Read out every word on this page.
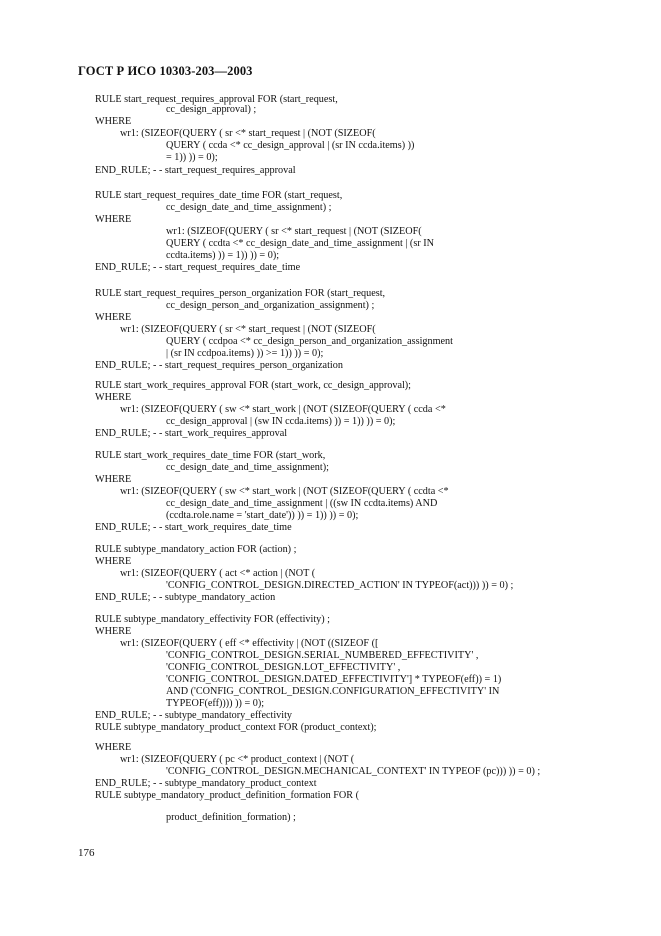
ГОСТ Р ИСО 10303-203—2003
RULE start_request_requires_approval FOR (start_request,
cc_design_approval) ;
WHERE
wr1: (SIZEOF(QUERY ( sr <* start_request | (NOT (SIZEOF(
QUERY ( ccda <* cc_design_approval | (sr IN ccda.items) ))
= 1)) )) = 0);
END_RULE; - - start_request_requires_approval
RULE start_request_requires_date_time FOR (start_request,
cc_design_date_and_time_assignment) ;
WHERE
wr1: (SIZEOF(QUERY ( sr <* start_request | (NOT (SIZEOF(
QUERY ( ccdta <* cc_design_date_and_time_assignment | (sr IN
ccdta.items) )) = 1)) )) = 0);
END_RULE; - - start_request_requires_date_time
RULE start_request_requires_person_organization FOR (start_request,
cc_design_person_and_organization_assignment) ;
WHERE
wr1: (SIZEOF(QUERY ( sr <* start_request | (NOT (SIZEOF(
QUERY ( ccdpoa <* cc_design_person_and_organization_assignment
| (sr IN ccdpoa.items) )) >= 1)) )) = 0);
END_RULE; - - start_request_requires_person_organization
RULE start_work_requires_approval FOR (start_work, cc_design_approval);
WHERE
wr1: (SIZEOF(QUERY ( sw <* start_work | (NOT (SIZEOF(QUERY ( ccda <*
cc_design_approval | (sw IN ccda.items) )) = 1)) )) = 0);
END_RULE; - - start_work_requires_approval
RULE start_work_requires_date_time FOR (start_work,
cc_design_date_and_time_assignment);
WHERE
wr1: (SIZEOF(QUERY ( sw <* start_work | (NOT (SIZEOF(QUERY ( ccdta <*
cc_design_date_and_time_assignment | ((sw IN ccdta.items) AND
(ccdta.role.name = 'start_date')) )) = 1)) )) = 0);
END_RULE; - - start_work_requires_date_time
RULE subtype_mandatory_action FOR (action) ;
WHERE
wr1: (SIZEOF(QUERY ( act <* action | (NOT (
'CONFIG_CONTROL_DESIGN.DIRECTED_ACTION' IN TYPEOF(act))) )) = 0) ;
END_RULE; - - subtype_mandatory_action
RULE subtype_mandatory_effectivity FOR (effectivity) ;
WHERE
wr1: (SIZEOF(QUERY ( eff <* effectivity | (NOT ((SIZEOF ([
'CONFIG_CONTROL_DESIGN.SERIAL_NUMBERED_EFFECTIVITY' ,
'CONFIG_CONTROL_DESIGN.LOT_EFFECTIVITY' ,
'CONFIG_CONTROL_DESIGN.DATED_EFFECTIVITY'] * TYPEOF(eff)) = 1)
AND ('CONFIG_CONTROL_DESIGN.CONFIGURATION_EFFECTIVITY' IN
TYPEOF(eff)))) )) = 0);
END_RULE; - - subtype_mandatory_effectivity
RULE subtype_mandatory_product_context FOR (product_context);
WHERE
wr1: (SIZEOF(QUERY ( pc <* product_context | (NOT (
'CONFIG_CONTROL_DESIGN.MECHANICAL_CONTEXT' IN TYPEOF (pc))) )) = 0) ;
END_RULE; - - subtype_mandatory_product_context
RULE subtype_mandatory_product_definition_formation FOR (
product_definition_formation) ;
176
